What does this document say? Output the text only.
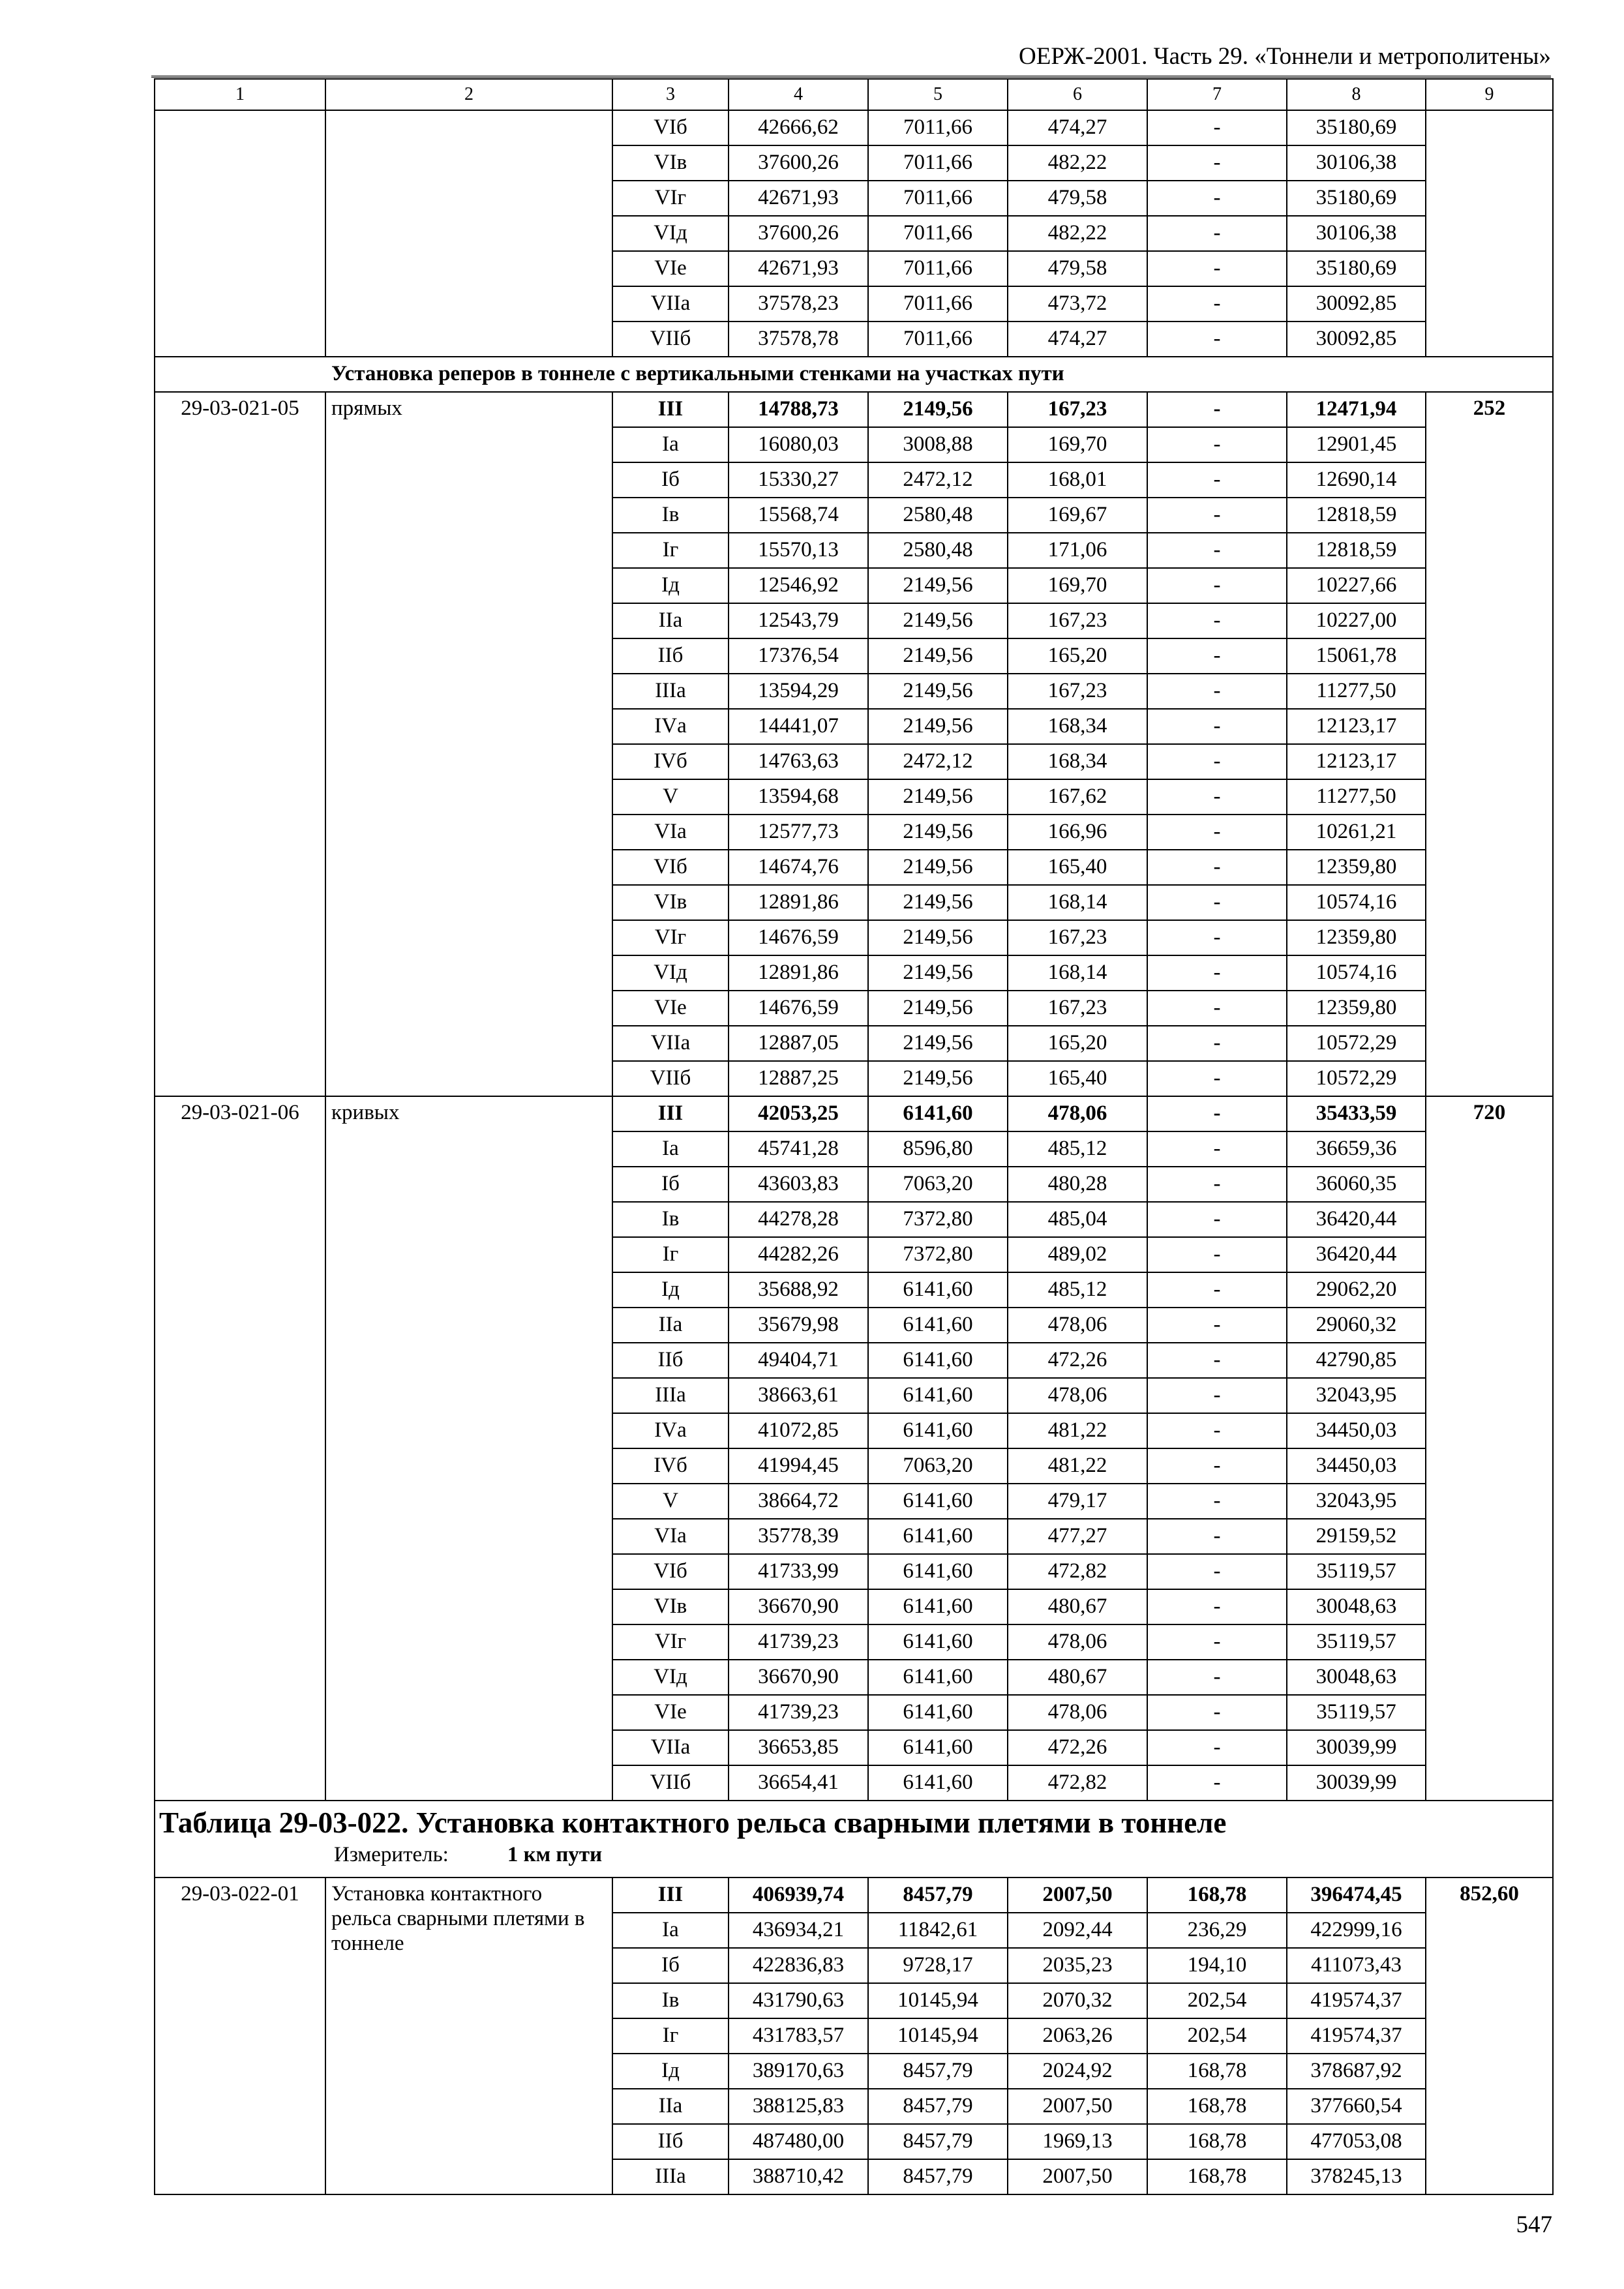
ОЕРЖ-2001. Часть 29. «Тоннели и метрополитены»
1	2	3	4	5	6	7	8	9
		VIб	42666,62	7011,66	474,27	-	35180,69	
		VIв	37600,26	7011,66	482,22	-	30106,38	
		VIг	42671,93	7011,66	479,58	-	35180,69	
		VIд	37600,26	7011,66	482,22	-	30106,38	
		VIе	42671,93	7011,66	479,58	-	35180,69	
		VIIа	37578,23	7011,66	473,72	-	30092,85	
		VIIб	37578,78	7011,66	474,27	-	30092,85	
Установка реперов в тоннеле с вертикальными стенками на участках пути								
29-03-021-05	прямых	III	14788,73	2149,56	167,23	-	12471,94	252
		Iа	16080,03	3008,88	169,70	-	12901,45	
		Iб	15330,27	2472,12	168,01	-	12690,14	
		Iв	15568,74	2580,48	169,67	-	12818,59	
		Iг	15570,13	2580,48	171,06	-	12818,59	
		Iд	12546,92	2149,56	169,70	-	10227,66	
		IIа	12543,79	2149,56	167,23	-	10227,00	
		IIб	17376,54	2149,56	165,20	-	15061,78	
		IIIа	13594,29	2149,56	167,23	-	11277,50	
		IVа	14441,07	2149,56	168,34	-	12123,17	
		IVб	14763,63	2472,12	168,34	-	12123,17	
		V	13594,68	2149,56	167,62	-	11277,50	
		VIа	12577,73	2149,56	166,96	-	10261,21	
		VIб	14674,76	2149,56	165,40	-	12359,80	
		VIв	12891,86	2149,56	168,14	-	10574,16	
		VIг	14676,59	2149,56	167,23	-	12359,80	
		VIд	12891,86	2149,56	168,14	-	10574,16	
		VIе	14676,59	2149,56	167,23	-	12359,80	
		VIIа	12887,05	2149,56	165,20	-	10572,29	
		VIIб	12887,25	2149,56	165,40	-	10572,29	
29-03-021-06	кривых	III	42053,25	6141,60	478,06	-	35433,59	720
		Iа	45741,28	8596,80	485,12	-	36659,36	
		Iб	43603,83	7063,20	480,28	-	36060,35	
		Iв	44278,28	7372,80	485,04	-	36420,44	
		Iг	44282,26	7372,80	489,02	-	36420,44	
		Iд	35688,92	6141,60	485,12	-	29062,20	
		IIа	35679,98	6141,60	478,06	-	29060,32	
		IIб	49404,71	6141,60	472,26	-	42790,85	
		IIIа	38663,61	6141,60	478,06	-	32043,95	
		IVа	41072,85	6141,60	481,22	-	34450,03	
		IVб	41994,45	7063,20	481,22	-	34450,03	
		V	38664,72	6141,60	479,17	-	32043,95	
		VIа	35778,39	6141,60	477,27	-	29159,52	
		VIб	41733,99	6141,60	472,82	-	35119,57	
		VIв	36670,90	6141,60	480,67	-	30048,63	
		VIг	41739,23	6141,60	478,06	-	35119,57	
		VIд	36670,90	6141,60	480,67	-	30048,63	
		VIе	41739,23	6141,60	478,06	-	35119,57	
		VIIа	36653,85	6141,60	472,26	-	30039,99	
		VIIб	36654,41	6141,60	472,82	-	30039,99	

Таблица 29-03-022. Установка контактного рельса сварными плетями в тоннеле
Измеритель: 1 км пути								

29-03-022-01	Установка контактного рельса сварными плетями в тоннеле	III	406939,74	8457,79	2007,50	168,78	396474,45	852,60
		Iа	436934,21	11842,61	2092,44	236,29	422999,16	
		Iб	422836,83	9728,17	2035,23	194,10	411073,43	
		Iв	431790,63	10145,94	2070,32	202,54	419574,37	
		Iг	431783,57	10145,94	2063,26	202,54	419574,37	
		Iд	389170,63	8457,79	2024,92	168,78	378687,92	
		IIа	388125,83	8457,79	2007,50	168,78	377660,54	
		IIб	487480,00	8457,79	1969,13	168,78	477053,08	
		IIIа	388710,42	8457,79	2007,50	168,78	378245,13	
547
